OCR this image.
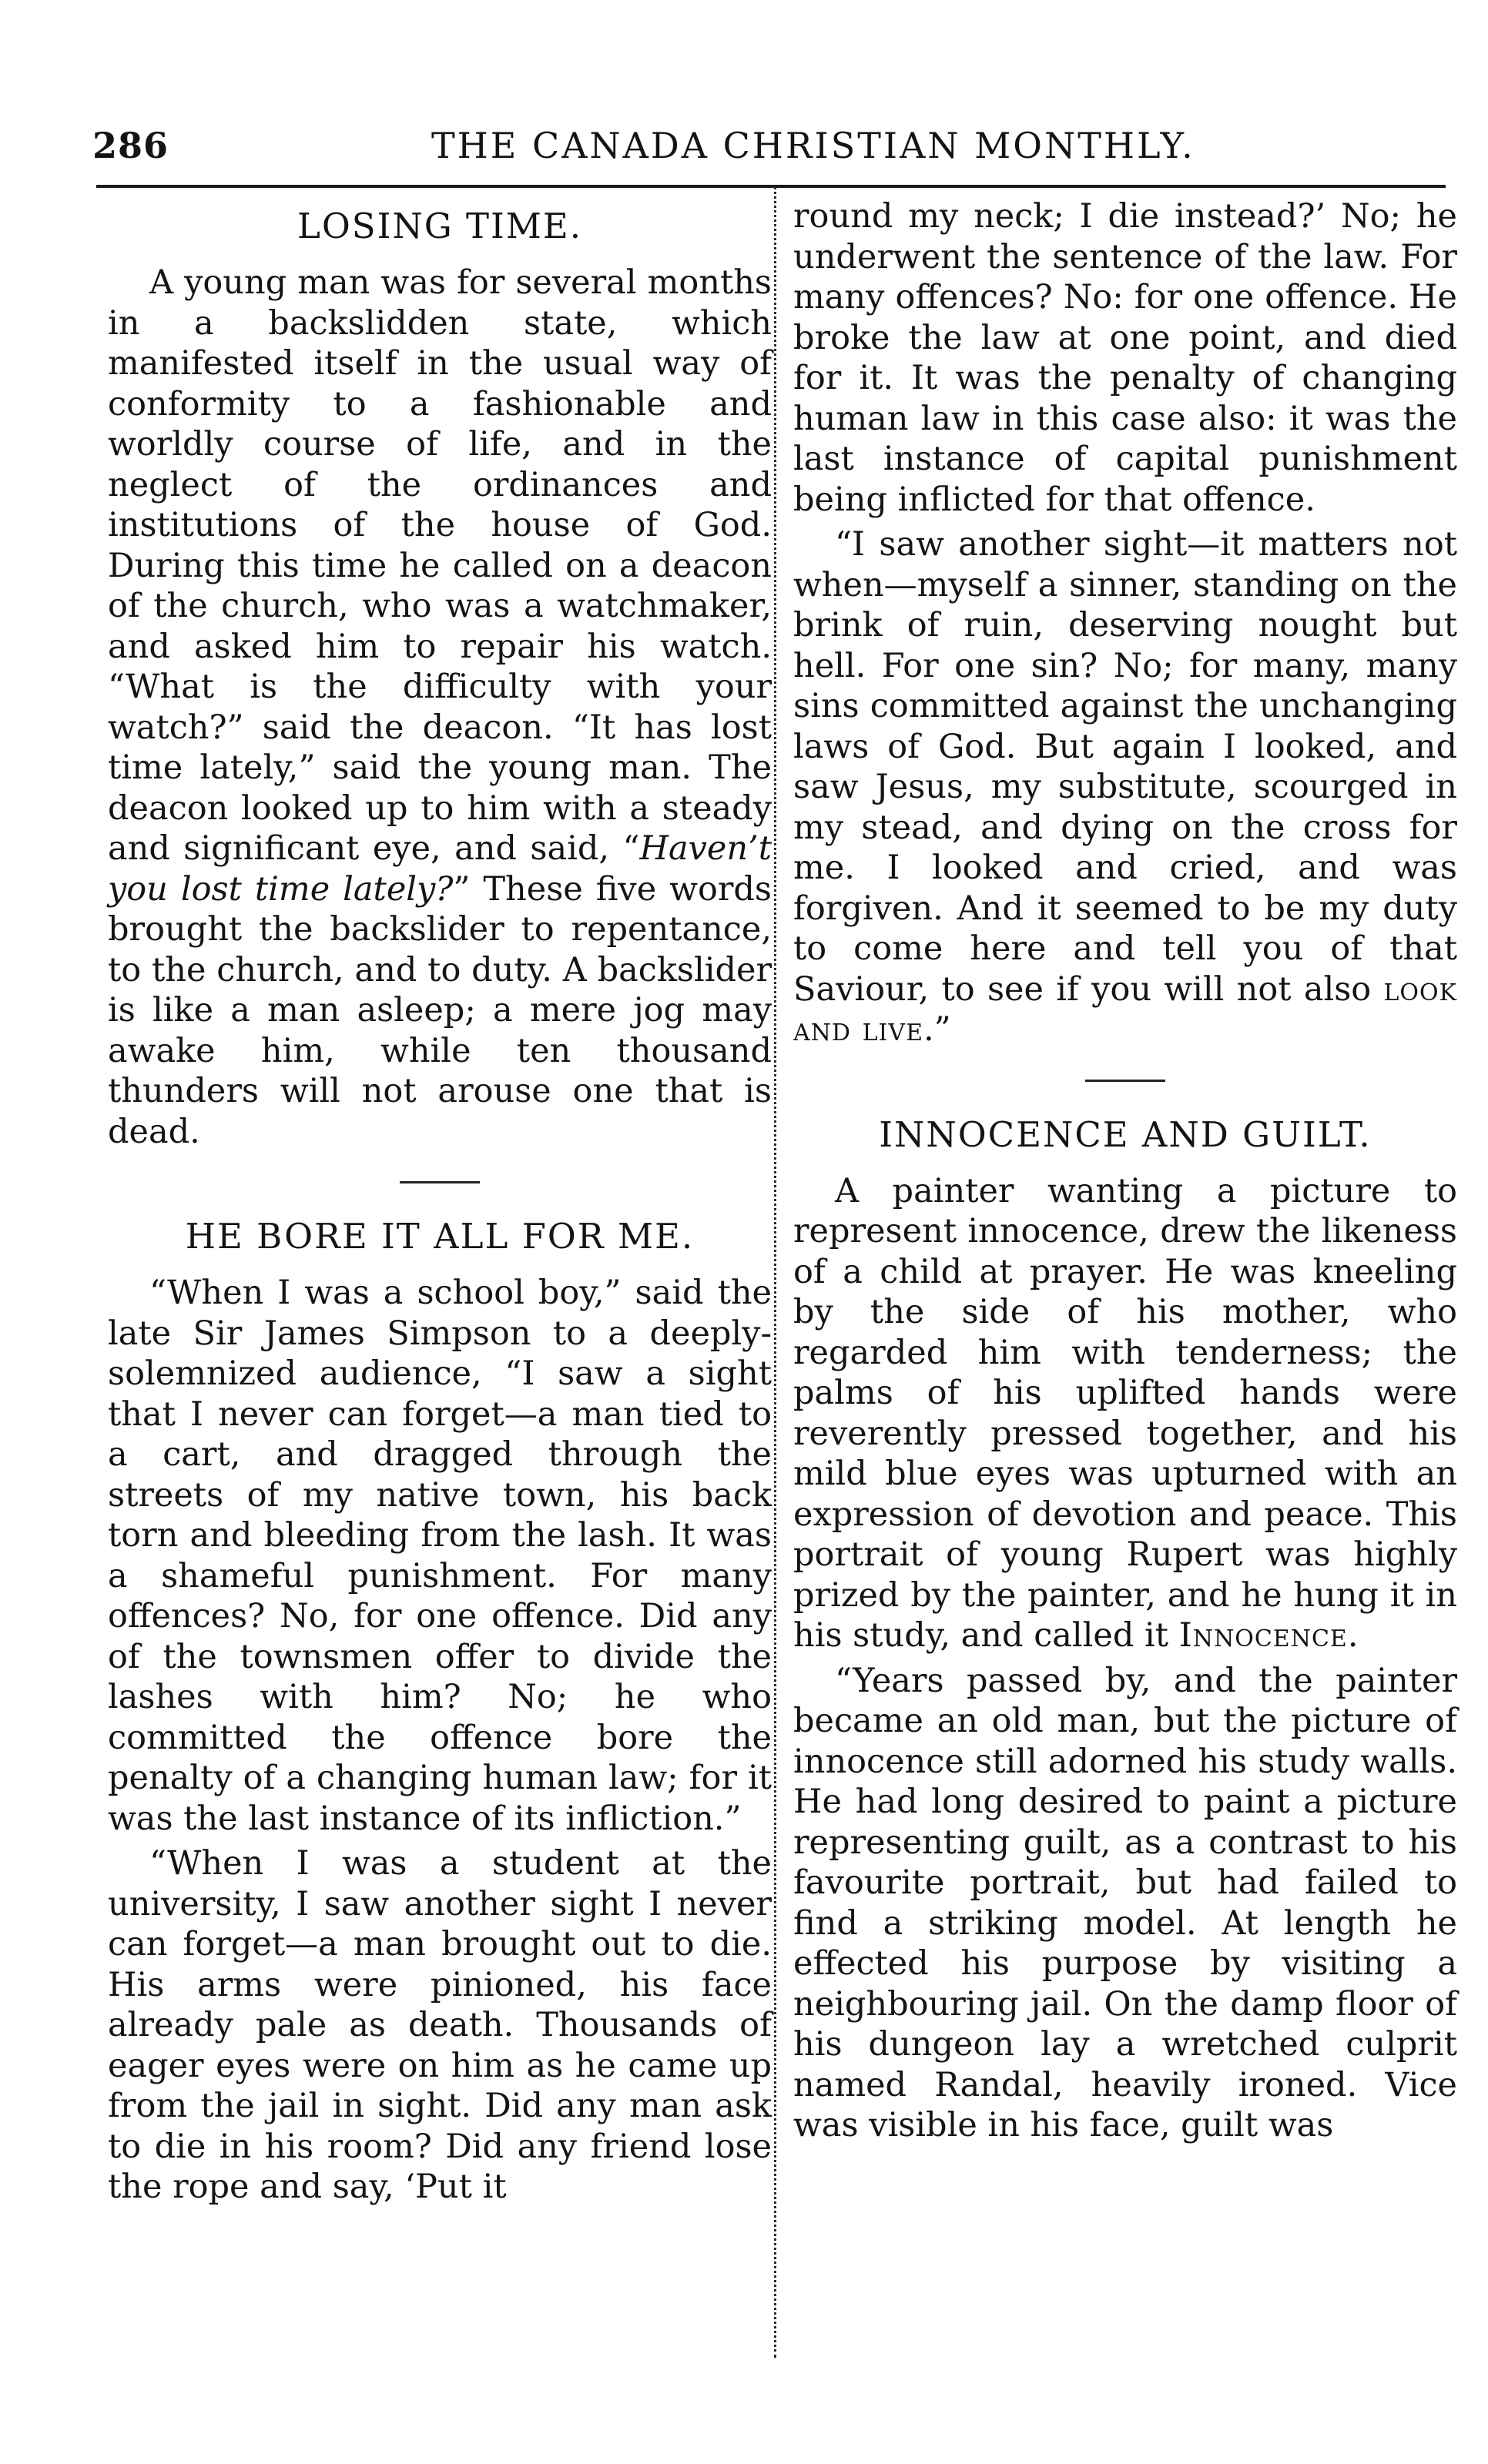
286	THE CANADA CHRISTIAN MONTHLY.
LOSING TIME.

A young man was for several months in a backslidden state, which manifested itself in the usual way of conformity to a fashionable and worldly course of life, and in the neglect of the ordinances and institutions of the house of God. During this time he called on a deacon of the church, who was a watchmaker, and asked him to repair his watch. “What is the difficulty with your watch?” said the deacon. “It has lost time lately,” said the young man. The deacon looked up to him with a steady and significant eye, and said, “Haven’t you lost time lately?” These five words brought the backslider to repentance, to the church, and to duty. A backslider is like a man asleep; a mere jog may awake him, while ten thousand thunders will not arouse one that is dead.

HE BORE IT ALL FOR ME.

“When I was a school boy,” said the late Sir James Simpson to a deeply-solemnized audience, “I saw a sight that I never can forget—a man tied to a cart, and dragged through the streets of my native town, his back torn and bleeding from the lash. It was a shameful punishment. For many offences? No, for one offence. Did any of the townsmen offer to divide the lashes with him? No; he who committed the offence bore the penalty of a changing human law; for it was the last instance of its infliction.”

“When I was a student at the university, I saw another sight I never can forget—a man brought out to die. His arms were pinioned, his face already pale as death. Thousands of eager eyes were on him as he came up from the jail in sight. Did any man ask to die in his room? Did any friend lose the rope and say, ‘Put it

round my neck; I die instead?’ No; he underwent the sentence of the law. For many offences? No: for one offence. He broke the law at one point, and died for it. It was the penalty of changing human law in this case also: it was the last instance of capital punishment being inflicted for that offence.

“I saw another sight—it matters not when—myself a sinner, standing on the brink of ruin, deserving nought but hell. For one sin? No; for many, many sins committed against the unchanging laws of God. But again I looked, and saw Jesus, my substitute, scourged in my stead, and dying on the cross for me. I looked and cried, and was forgiven. And it seemed to be my duty to come here and tell you of that Saviour, to see if you will not also look and live.”

INNOCENCE AND GUILT.

A painter wanting a picture to represent innocence, drew the likeness of a child at prayer. He was kneeling by the side of his mother, who regarded him with tenderness; the palms of his uplifted hands were reverently pressed together, and his mild blue eyes was upturned with an expression of devotion and peace. This portrait of young Rupert was highly prized by the painter, and he hung it in his study, and called it Innocence.

“Years passed by, and the painter became an old man, but the picture of innocence still adorned his study walls. He had long desired to paint a picture representing guilt, as a contrast to his favourite portrait, but had failed to find a striking model. At length he effected his purpose by visiting a neighbouring jail. On the damp floor of his dungeon lay a wretched culprit named Randal, heavily ironed. Vice was visible in his face, guilt was
